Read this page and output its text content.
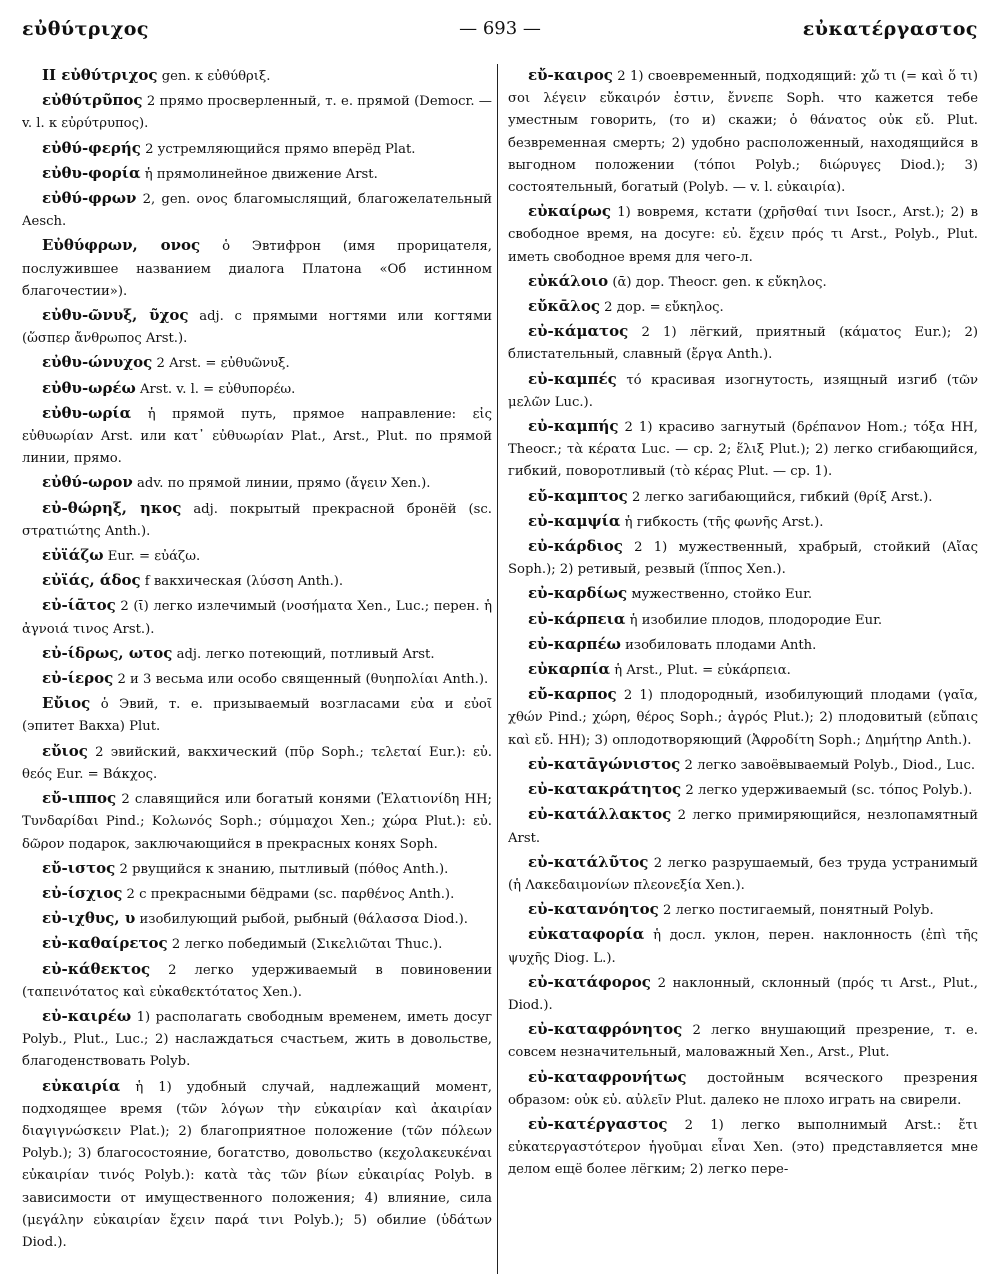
εὐθύτριχος	— 693 —	εὐκατέργαστος

II εὐθύτριχος gen. к εὐθύθριξ.

εὐθύτρῦπος 2 прямо просверленный, т. е. прямой (Democr. — v. l. к εὐρύτρυπος).

εὐθύ-φερής 2 устремляющийся прямо вперёд Plat.

εὐθυ-φορία ἡ прямолинейное движение Arst.

εὐθύ-φρων 2, gen. ονος благомыслящий, благожелательный Aesch.

Εὐθύφρων, ονος ὁ Эвтифрон (имя прорицателя, послужившее названием диалога Платона «Об истинном благочестии»).

εὐθυ-ῶνυξ, ῦχος adj. с прямыми ногтями или когтями (ὥσπερ ἄνθρωπος Arst.).

εὐθυ-ώνυχος 2 Arst. = εὐθυῶνυξ.

εὐθυ-ωρέω Arst. v. l. = εὐθυπορέω.

εὐθυ-ωρία ἡ прямой путь, прямое направление: εἰς εὐθυωρίαν Arst. или κατ᾽ εὐθυωρίαν Plat., Arst., Plut. по прямой линии, прямо.

εὐθύ-ωρον adv. по прямой линии, прямо (ἄγειν Xen.).

εὐ-θώρηξ, ηκος adj. покрытый прекрасной бронёй (sc. στρατιώτης Anth.).

εὐϊάζω Eur. = εὐάζω.

εὐϊάς, άδος f вакхическая (λύσση Anth.).

εὐ-ίᾱτος 2 (ῑ) легко излечимый (νοσήματα Xen., Luc.; перен. ἡ ἀγνοιά τινος Arst.).

εὐ-ίδρως, ωτος adj. легко потеющий, потливый Arst.

εὐ-ίερος 2 и 3 весьма или особо священный (θυηπολίαι Anth.).

Εὔιος ὁ Эвий, т. е. призываемый возгласами εὐα и εὐοῖ (эпитет Вакха) Plut.

εὔιος 2 эвийский, вакхический (πῦρ Soph.; τελεταί Eur.): εὐ. θεός Eur. = Βάκχος.

εὔ-ιππος 2 славящийся или богатый конями (Ἐλατιονίδη HH; Τυνδαρίδαι Pind.; Κολωνός Soph.; σύμμαχοι Xen.; χώρα Plut.): εὐ. δῶρον подарок, заключающийся в прекрасных конях Soph.

εὔ-ιστος 2 рвущийся к знанию, пытливый (πόθος Anth.).

εὐ-ίσχιος 2 с прекрасными бёдрами (sc. παρθένος Anth.).

εὐ-ιχθυς, υ изобилующий рыбой, рыбный (θάλασσα Diod.).

εὐ-καθαίρετος 2 легко победимый (Σικελιῶται Thuc.).

εὐ-κάθεκτος 2 легко удерживаемый в повиновении (ταπεινότατος καὶ εὐκαθεκτότατος Xen.).

εὐ-καιρέω 1) располагать свободным временем, иметь досуг Polyb., Plut., Luc.; 2) наслаждаться счастьем, жить в довольстве, благоденствовать Polyb.

εὐκαιρία ἡ 1) удобный случай, надлежащий момент, подходящее время (τῶν λόγων τὴν εὐκαιρίαν καὶ ἀκαιρίαν διαγιγνώσκειν Plat.); 2) благоприятное положение (τῶν πόλεων Polyb.); 3) благосостояние, богатство, довольство (κεχολακευκέναι εὐκαιρίαν τινός Polyb.): κατὰ τὰς τῶν βίων εὐκαιρίας Polyb. в зависимости от имущественного положения; 4) влияние, сила (μεγάλην εὐκαιρίαν ἔχειν παρά τινι Polyb.); 5) обилие (ὑδάτων Diod.).

εὔ-καιρος 2 1) своевременный, подходящий: χὤ τι (= καὶ ὅ τι) σοι λέγειν εὔκαιρόν ἐστιν, ἔννεπε Soph. что кажется тебе уместным говорить, (то и) скажи; ὁ θάνατος οὐκ εὔ. Plut. безвременная смерть; 2) удобно расположенный, находящийся в выгодном положении (τόποι Polyb.; διώρυγες Diod.); 3) состоятельный, богатый (Polyb. — v. l. εὐκαιρία).

εὐκαίρως 1) вовремя, кстати (χρῆσθαί τινι Isocr., Arst.); 2) в свободное время, на досуге: εὐ. ἔχειν πρός τι Arst., Polyb., Plut. иметь свободное время для чего-л.

εὐκάλοιο (ᾱ) дор. Theocr. gen. к εὔκηλος.

εὔκᾱλος 2 дор. = εὔκηλος.

εὐ-κάματος 2 1) лёгкий, приятный (κάματος Eur.); 2) блистательный, славный (ἔργα Anth.).

εὐ-καμπές τό красивая изогнутость, изящный изгиб (τῶν μελῶν Luc.).

εὐ-καμπής 2 1) красиво загнутый (δρέπανον Hom.; τόξα HH, Theocr.; τὰ κέρατα Luc. — ср. 2; ἕλιξ Plut.); 2) легко сгибающийся, гибкий, поворотливый (τὸ κέρας Plut. — ср. 1).

εὔ-καμπτος 2 легко загибающийся, гибкий (θρίξ Arst.).

εὐ-καμψία ἡ гибкость (τῆς φωνῆς Arst.).

εὐ-κάρδιος 2 1) мужественный, храбрый, стойкий (Αἴας Soph.); 2) ретивый, резвый (ἵππος Xen.).

εὐ-καρδίως мужественно, стойко Eur.

εὐ-κάρπεια ἡ изобилие плодов, плодородие Eur.

εὐ-καρπέω изобиловать плодами Anth.

εὐκαρπία ἡ Arst., Plut. = εὐκάρπεια.

εὔ-καρπος 2 1) плодородный, изобилующий плодами (γαῖα, χθών Pind.; χώρη, θέρος Soph.; ἀγρός Plut.); 2) плодовитый (εὔπαις καὶ εὔ. HH); 3) оплодотворяющий (Ἀφροδίτη Soph.; Δημήτηρ Anth.).

εὐ-κατᾱγώνιστος 2 легко завоёвываемый Polyb., Diod., Luc.

εὐ-κατακράτητος 2 легко удерживаемый (sc. τόπος Polyb.).

εὐ-κατάλλακτος 2 легко примиряющийся, незлопамятный Arst.

εὐ-κατάλῦτος 2 легко разрушаемый, без труда устранимый (ἡ Λακεδαιμονίων πλεονεξία Xen.).

εὐ-κατανόητος 2 легко постигаемый, понятный Polyb.

εὐκαταφορία ἡ досл. уклон, перен. наклонность (ἐπὶ τῆς ψυχῆς Diog. L.).

εὐ-κατάφορος 2 наклонный, склонный (πρός τι Arst., Plut., Diod.).

εὐ-καταφρόνητος 2 легко внушающий презрение, т. е. совсем незначительный, маловажный Xen., Arst., Plut.

εὐ-καταφρονήτως достойным всяческого презрения образом: οὐκ εὐ. αὐλεῖν Plut. далеко не плохо играть на свирели.

εὐ-κατέργαστος 2 1) легко выполнимый Arst.: ἔτι εὐκατεργαστότερον ἡγοῦμαι εἶναι Xen. (это) представляется мне делом ещё более лёгким; 2) легко пере-
